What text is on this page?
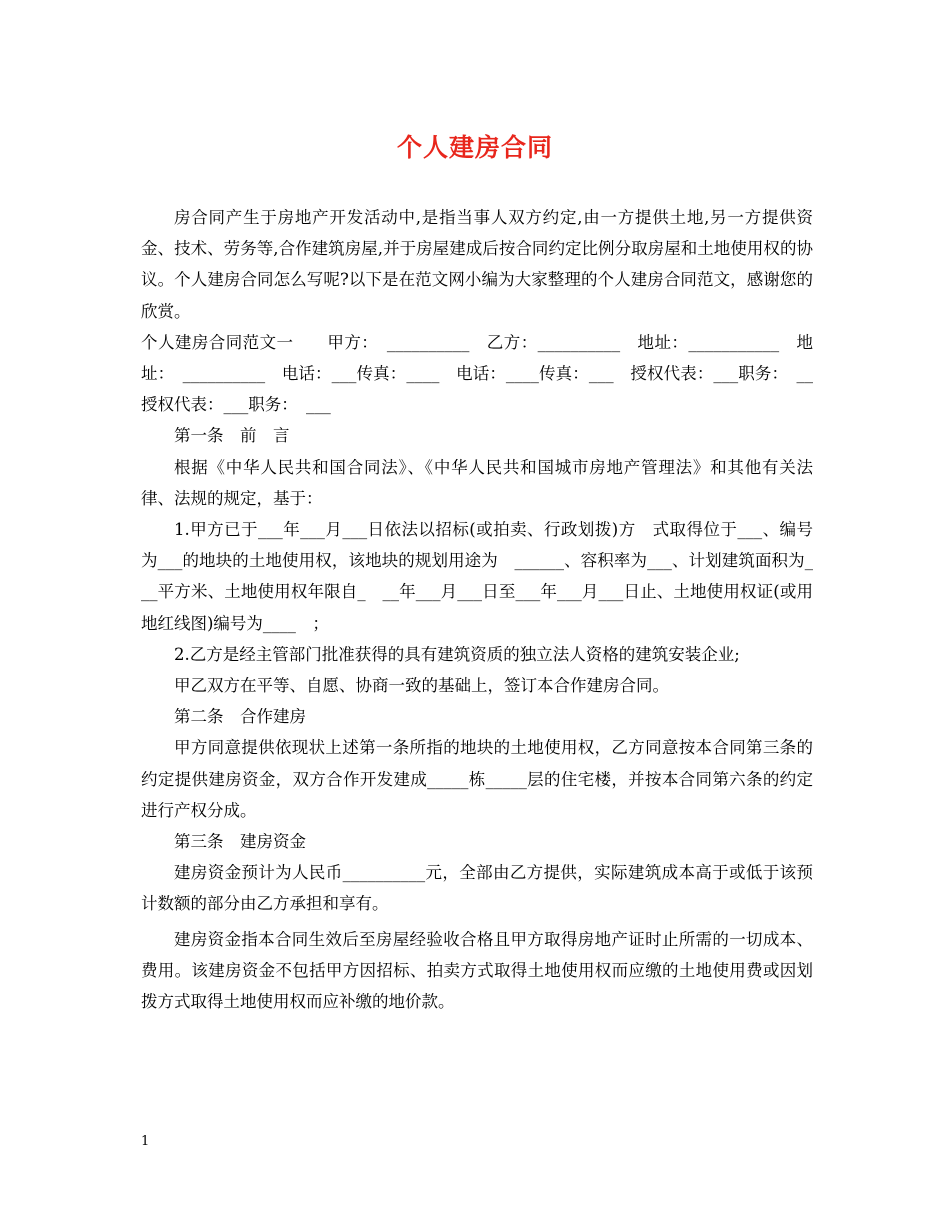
个人建房合同

房合同产生于房地产开发活动中,是指当事人双方约定,由一方提供土地,另一方提供资金、技术、劳务等,合作建筑房屋,并于房屋建成后按合同约定比例分取房屋和土地使用权的协议。个人建房合同怎么写呢?以下是在范文网小编为大家整理的个人建房合同范文，感谢您的欣赏。

个人建房合同范文一　　甲方：　__________　乙方：__________　地址：___________　地址：　__________　电话：___传真：____　电话：____传真：___　授权代表：___职务：　__　授权代表：___职务：　___

第一条　前　言

根据《中华人民共和国合同法》、《中华人民共和国城市房地产管理法》和其他有关法律、法规的规定，基于：

1.甲方已于___年___月___日依法以招标(或拍卖、行政划拨)方　式取得位于___、编号为___的地块的土地使用权，该地块的规划用途为　______、容积率为___、计划建筑面积为___平方米、土地使用权年限自_　__年___月___日至___年___月___日止、土地使用权证(或用　地红线图)编号为____　；

2.乙方是经主管部门批准获得的具有建筑资质的独立法人资格的建筑安装企业;

甲乙双方在平等、自愿、协商一致的基础上，签订本合作建房合同。

第二条　合作建房

甲方同意提供依现状上述第一条所指的地块的土地使用权，乙方同意按本合同第三条的约定提供建房资金，双方合作开发建成_____栋_____层的住宅楼，并按本合同第六条的约定进行产权分成。

第三条　建房资金

建房资金预计为人民币__________元，全部由乙方提供，实际建筑成本高于或低于该预计数额的部分由乙方承担和享有。

建房资金指本合同生效后至房屋经验收合格且甲方取得房地产证时止所需的一切成本、费用。该建房资金不包括甲方因招标、拍卖方式取得土地使用权而应缴的土地使用费或因划拨方式取得土地使用权而应补缴的地价款。

1
